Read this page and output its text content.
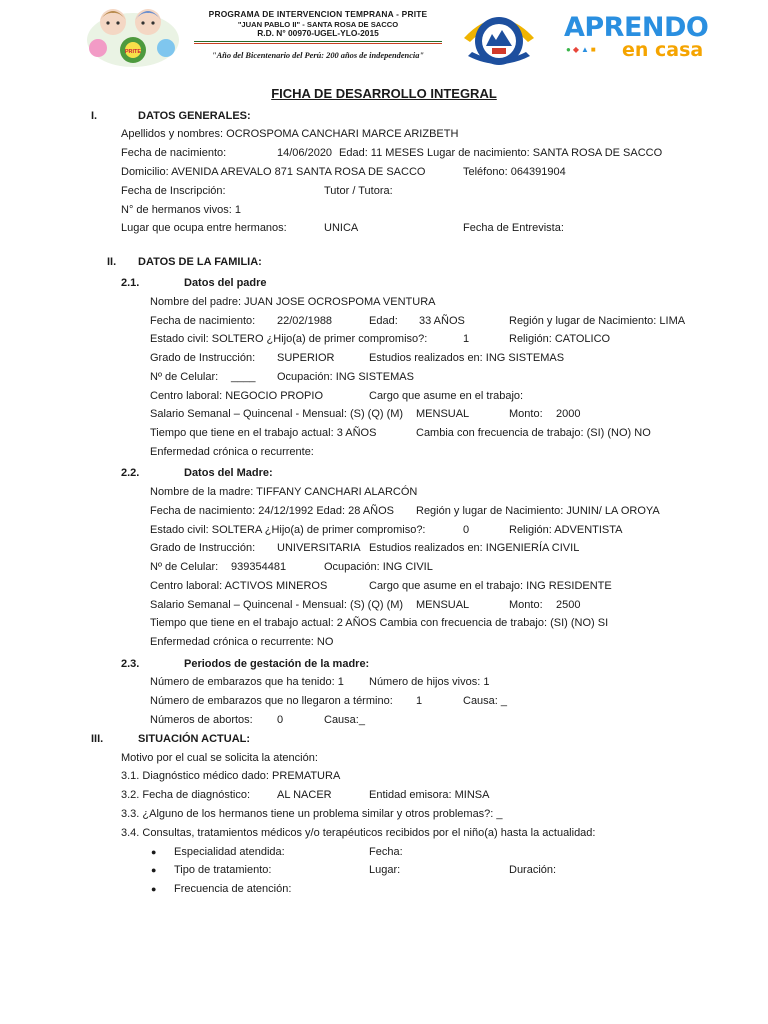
PRITE
PROGRAMA DE INTERVENCION TEMPRANA - PRITE
"JUAN PABLO II" - SANTA ROSA DE SACCO
R.D. N° 00970-UGEL-YLO-2015
"Año del Bicentenario del Perú: 200 años de independencia"
APRENDO
en casa
●◆▲■
FICHA DE DESARROLLO INTEGRAL
I.	DATOS GENERALES:
Apellidos y nombres: OCROSPOMA CANCHARI MARCE ARIZBETH
Fecha de nacimiento:	14/06/2020 Edad: 11 MESES Lugar de nacimiento: SANTA ROSA DE SACCO
Domicilio: AVENIDA AREVALO 871 SANTA ROSA DE SACCO	Teléfono: 064391904
Fecha de Inscripción:	Tutor / Tutora:
N° de hermanos vivos: 1
Lugar que ocupa entre hermanos:	UNICA	Fecha de Entrevista:
II. DATOS DE LA FAMILIA:
2.1.	Datos del padre
Nombre del padre: JUAN JOSE OCROSPOMA VENTURA
Fecha de nacimiento: 22/02/1988	Edad: 33 AÑOS	Región y lugar de Nacimiento: LIMA
Estado civil: SOLTERO ¿Hijo(a) de primer compromiso?:	1	Religión: CATOLICO
Grado de Instrucción: SUPERIOR	Estudios realizados en: ING SISTEMAS
Nº de Celular: ____ Ocupación: ING SISTEMAS
Centro laboral: NEGOCIO PROPIO	Cargo que asume en el trabajo:
Salario Semanal – Quincenal - Mensual: (S) (Q) (M) MENSUAL	Monto: 2000
Tiempo que tiene en el trabajo actual: 3 AÑOS	Cambia con frecuencia de trabajo: (SI) (NO) NO
Enfermedad crónica o recurrente:
2.2.	Datos del Madre:
Nombre de la madre: TIFFANY CANCHARI ALARCÓN
Fecha de nacimiento: 24/12/1992 Edad: 28 AÑOS Región y lugar de Nacimiento: JUNIN/ LA OROYA
Estado civil: SOLTERA ¿Hijo(a) de primer compromiso?:	0	Religión: ADVENTISTA
Grado de Instrucción: UNIVERSITARIA Estudios realizados en: INGENIERÍA CIVIL
Nº de Celular: 939354481	Ocupación: ING CIVIL
Centro laboral: ACTIVOS MINEROS	Cargo que asume en el trabajo: ING RESIDENTE
Salario Semanal – Quincenal - Mensual: (S) (Q) (M) MENSUAL	Monto: 2500
Tiempo que tiene en el trabajo actual: 2 AÑOS Cambia con frecuencia de trabajo: (SI) (NO) SI
Enfermedad crónica o recurrente: NO
2.3.	Periodos de gestación de la madre:
Número de embarazos que ha tenido: 1 Número de hijos vivos: 1
Número de embarazos que no llegaron a término: 1	Causa: _
Números de abortos: 0	Causa:_
III.	SITUACIÓN ACTUAL:
Motivo por el cual se solicita la atención:
3.1. Diagnóstico médico dado: PREMATURA
3.2. Fecha de diagnóstico: AL NACER	Entidad emisora: MINSA
3.3. ¿Alguno de los hermanos tiene un problema similar y otros problemas?: _
3.4. Consultas, tratamientos médicos y/o terapéuticos recibidos por el niño(a) hasta la actualidad:
● Especialidad atendida:	Fecha:
● Tipo de tratamiento:	Lugar:	Duración:
● Frecuencia de atención:
